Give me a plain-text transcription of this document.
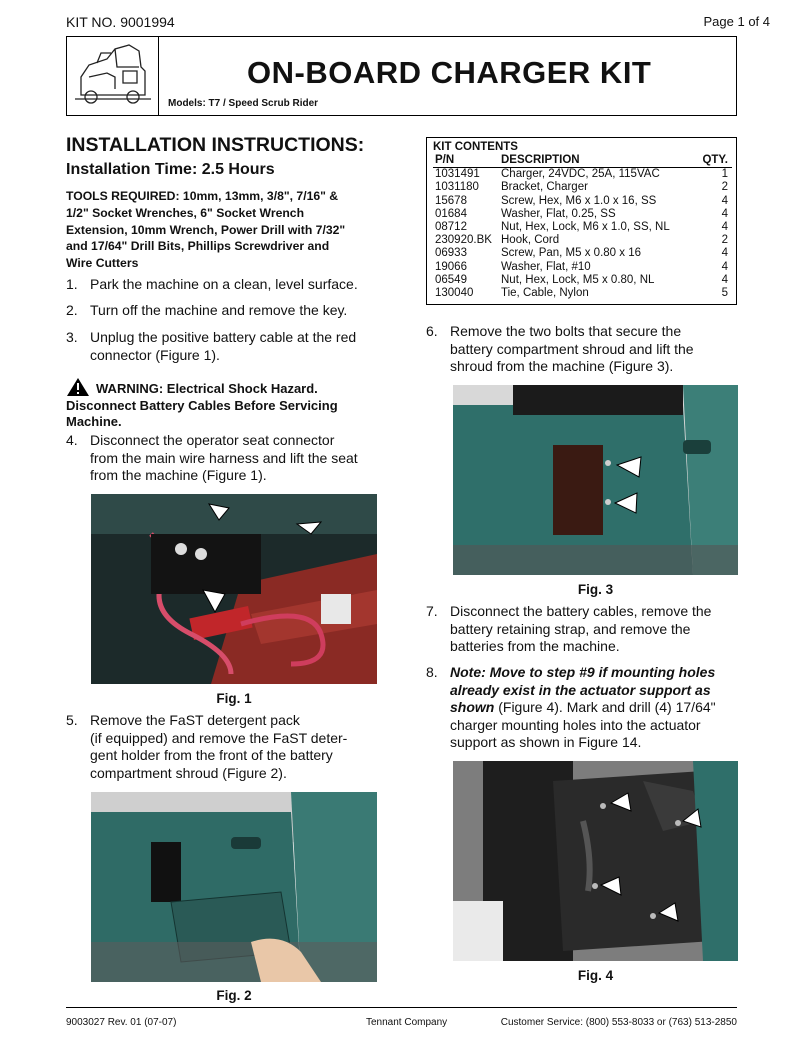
KIT NO. 9001994	Page 1 of 4
ON-BOARD CHARGER KIT
Models: T7 / Speed Scrub Rider
INSTALLATION INSTRUCTIONS:
Installation Time: 2.5 Hours
TOOLS REQUIRED: 10mm, 13mm, 3/8", 7/16" &
1/2" Socket Wrenches, 6" Socket Wrench
Extension, 10mm Wrench, Power Drill with 7/32"
and 17/64" Drill Bits, Phillips Screwdriver and
Wire Cutters
1. Park the machine on a clean, level surface.
2. Turn off the machine and remove the key.
3. Unplug the positive battery cable at the red
connector (Figure 1).
WARNING: Electrical Shock Hazard.
Disconnect Battery Cables Before Servicing
Machine.
4. Disconnect the operator seat connector
from the main wire harness and lift the seat
from the machine (Figure 1).
Fig. 1
5. Remove the FaST detergent pack
(if equipped) and remove the FaST deter-
gent holder from the front of the battery
compartment shroud (Figure 2).
Fig. 2
KIT CONTENTS
P/N	DESCRIPTION	QTY.
1031491	Charger, 24VDC, 25A, 115VAC	1
1031180	Bracket, Charger	2
15678	Screw, Hex, M6 x 1.0 x 16, SS	4
01684	Washer, Flat, 0.25, SS	4
08712	Nut, Hex, Lock, M6 x 1.0, SS, NL	4
230920.BK	Hook, Cord	2
06933	Screw, Pan, M5 x 0.80 x 16	4
19066	Washer, Flat, #10	4
06549	Nut, Hex, Lock, M5 x 0.80, NL	4
130040	Tie, Cable, Nylon	5
6. Remove the two bolts that secure the
battery compartment shroud and lift the
shroud from the machine (Figure 3).
Fig. 3
7. Disconnect the battery cables, remove the
battery retaining strap, and remove the
batteries from the machine.
8. Note: Move to step #9 if mounting holes
already exist in the actuator support as
shown (Figure 4). Mark and drill (4) 17/64"
charger mounting holes into the actuator
support as shown in Figure 14.
Fig. 4
9003027 Rev. 01 (07-07)	Tennant Company	Customer Service: (800) 553-8033 or (763) 513-2850
